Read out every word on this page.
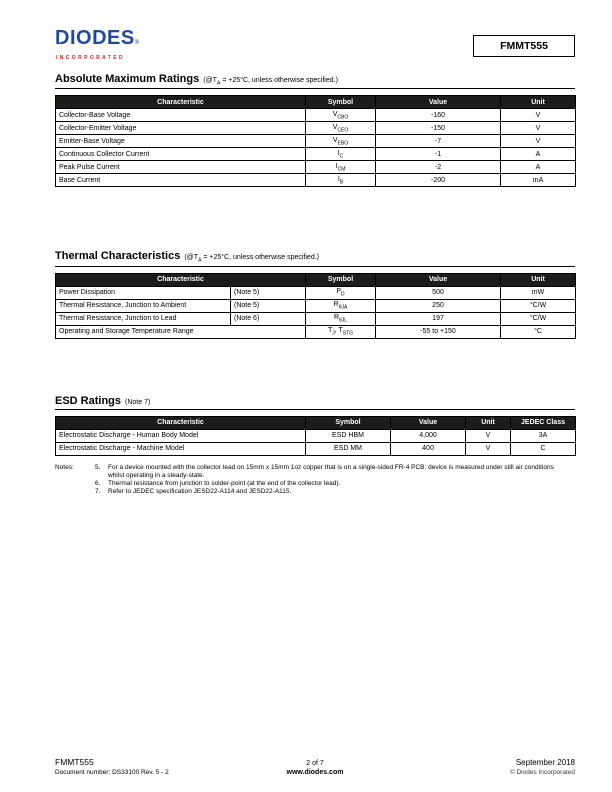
DIODES®
INCORPORATED
FMMT555
Absolute Maximum Ratings ($@T_A = +25^\circ C$, unless otherwise specified.)
Characteristic	Symbol	Value	Unit
Collector-Base Voltage	$V_{CBO}$	-160	V
Collector-Emitter Voltage	$V_{CEO}$	-150	V
Emitter-Base Voltage	$V_{EBO}$	-7	V
Continuous Collector Current	$I_C$	-1	A
Peak Pulse Current	$I_{CM}$	-2	A
Base Current	$I_B$	-200	mA
Thermal Characteristics ($@T_A = +25^\circ C$, unless otherwise specified.)
Characteristic		Symbol	Value	Unit
Power Dissipation	(Note 5)	$P_D$	500	mW
Thermal Resistance, Junction to Ambient	(Note 5)	$R_{\theta JA}$	250	°C/W
Thermal Resistance, Junction to Lead	(Note 6)	$R_{\theta JL}$	197	°C/W
Operating and Storage Temperature Range		$T_J$, $T_{STG}$	-55 to +150	°C
ESD Ratings (Note 7)
Characteristic	Symbol	Value	Unit	JEDEC Class
Electrostatic Discharge - Human Body Model	ESD HBM	4,000	V	3A
Electrostatic Discharge - Machine Model	ESD MM	400	V	C
Notes:	5.	For a device mounted with the collector lead on 15mm x 15mm 1oz copper that is on a single-sided FR-4 PCB; device is measured under still air conditions whilst operating in a steady-state.
6.	Thermal resistance from junction to solder-point (at the end of the collector lead).
7.	Refer to JEDEC specification JESD22-A114 and JESD22-A115.
FMMT555
Document number: DS33100 Rev. 5 - 2
2 of 7
www.diodes.com
September 2018
© Diodes Incorporated
